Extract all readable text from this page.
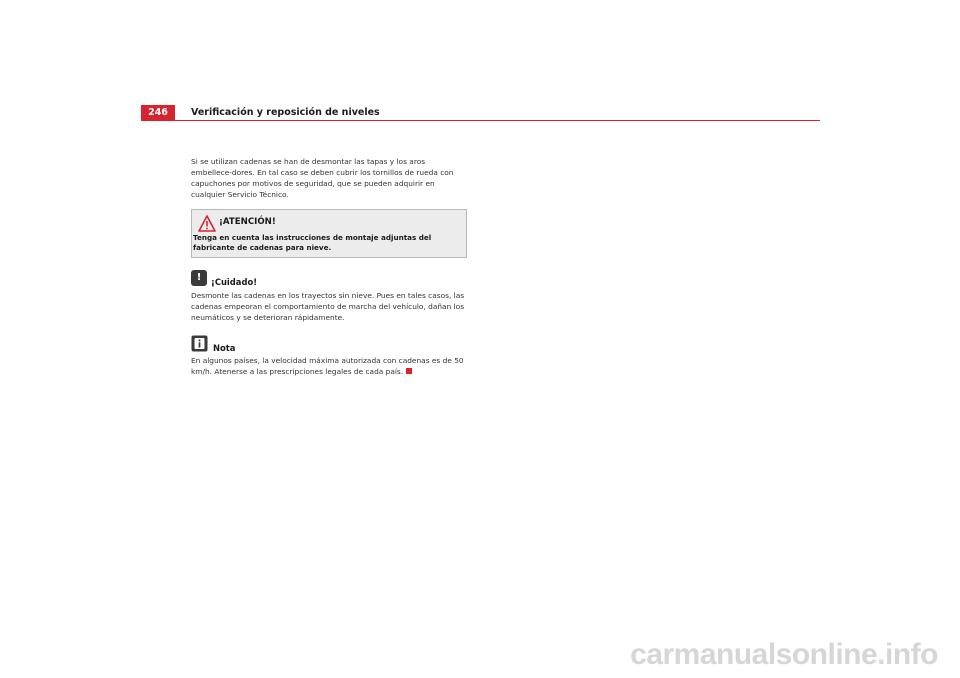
246	Verificación y reposición de niveles

Si se utilizan cadenas se han de desmontar las tapas y los aros embellece-dores. En tal caso se deben cubrir los tornillos de rueda con capuchones por motivos de seguridad, que se pueden adquirir en cualquier Servicio Técnico.

¡ATENCIÓN!

Tenga en cuenta las instrucciones de montaje adjuntas del fabricante de cadenas para nieve.

!	¡Cuidado!

Desmonte las cadenas en los trayectos sin nieve. Pues en tales casos, las cadenas empeoran el comportamiento de marcha del vehículo, dañan los neumáticos y se deterioran rápidamente.

Nota

En algunos países, la velocidad máxima autorizada con cadenas es de 50 km/h. Atenerse a las prescripciones legales de cada país.

carmanualsonline.info
